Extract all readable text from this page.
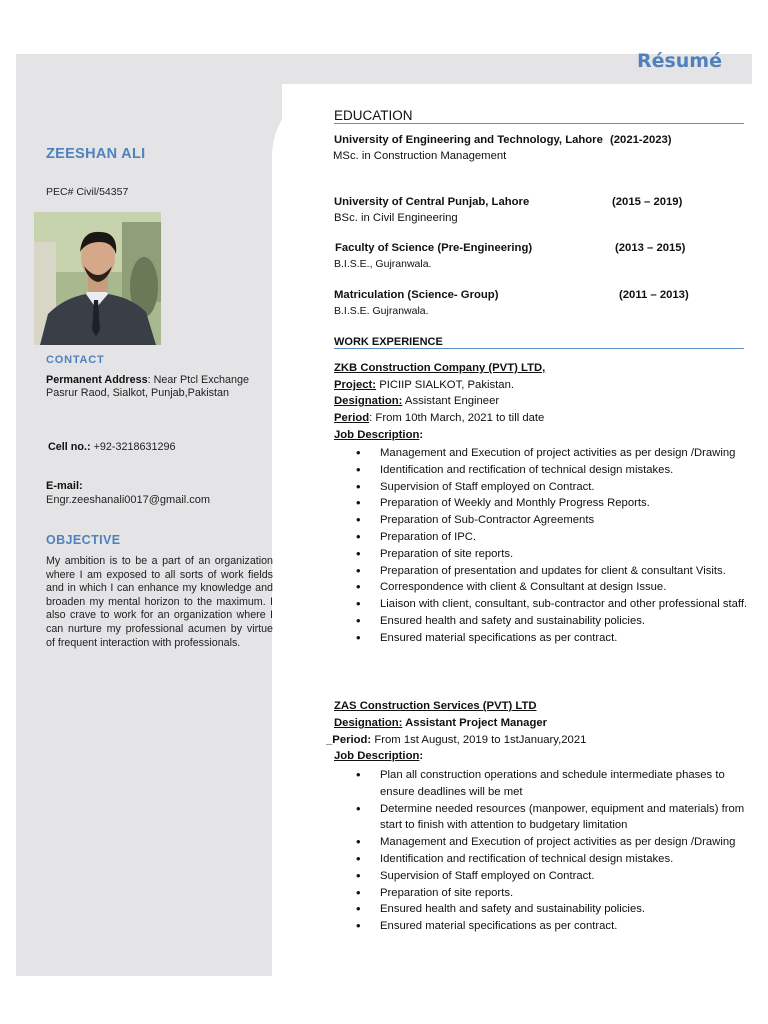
Résumé
ZEESHAN ALI
PEC# Civil/54357
CONTACT
Permanent Address: Near Ptcl Exchange Pasrur Raod, Sialkot, Punjab,Pakistan
Cell no.: +92-3218631296
E-mail:
Engr.zeeshanali0017@gmail.com
OBJECTIVE
My ambition is to be a part of an organization where I am exposed to all sorts of work fields and in which I can enhance my knowledge and broaden my mental horizon to the maximum. I also crave to work for an organization where I can nurture my professional acumen by virtue of frequent interaction with professionals.
EDUCATION
University of Engineering and Technology, Lahore (2021-2023)
MSc. in Construction Management
University of Central Punjab, Lahore	(2015 – 2019)
BSc. in Civil Engineering
Faculty of Science (Pre-Engineering)	(2013 – 2015)
B.I.S.E., Gujranwala.
Matriculation (Science- Group)	(2011 – 2013)
B.I.S.E. Gujranwala.
WORK EXPERIENCE
ZKB Construction Company (PVT) LTD,
Project: PICIIP SIALKOT, Pakistan.
Designation: Assistant Engineer
Period: From 10th March, 2021 to till date
Job Description:
• Management and Execution of project activities as per design /Drawing
• Identification and rectification of technical design mistakes.
• Supervision of Staff employed on Contract.
• Preparation of Weekly and Monthly Progress Reports.
• Preparation of Sub-Contractor Agreements
• Preparation of IPC.
• Preparation of site reports.
• Preparation of presentation and updates for client & consultant Visits.
• Correspondence with client & Consultant at design Issue.
• Liaison with client, consultant, sub-contractor and other professional staff.
• Ensured health and safety and sustainability policies.
• Ensured material specifications as per contract.
ZAS Construction Services (PVT) LTD
Designation: Assistant Project Manager
_Period: From 1st August, 2019 to 1stJanuary,2021
Job Description:
• Plan all construction operations and schedule intermediate phases to ensure deadlines will be met
• Determine needed resources (manpower, equipment and materials) from start to finish with attention to budgetary limitation
• Management and Execution of project activities as per design /Drawing
• Identification and rectification of technical design mistakes.
• Supervision of Staff employed on Contract.
• Preparation of site reports.
• Ensured health and safety and sustainability policies.
• Ensured material specifications as per contract.
